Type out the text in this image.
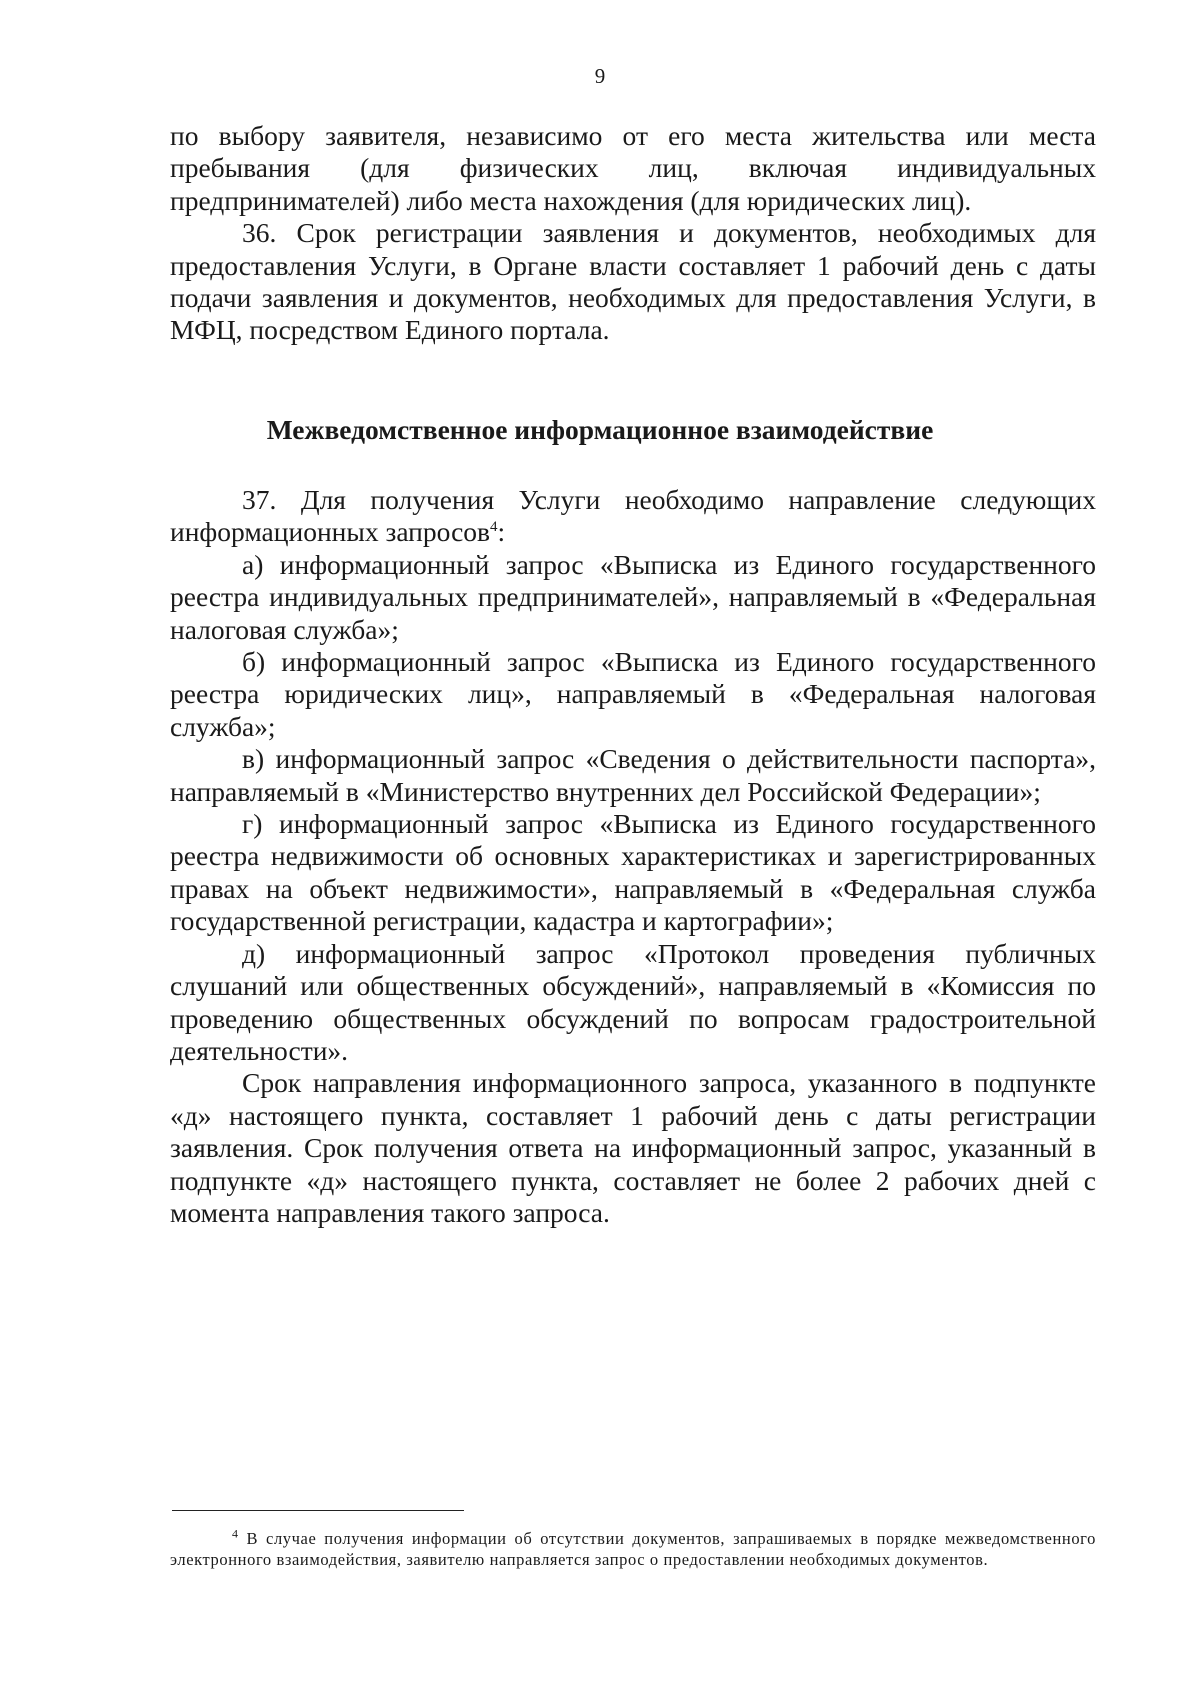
9

по выбору заявителя, независимо от его места жительства или места пребывания (для физических лиц, включая индивидуальных предпринимателей) либо места нахождения (для юридических лиц).

36. Срок регистрации заявления и документов, необходимых для предоставления Услуги, в Органе власти составляет 1 рабочий день с даты подачи заявления и документов, необходимых для предоставления Услуги, в МФЦ, посредством Единого портала.

Межведомственное информационное взаимодействие

37. Для получения Услуги необходимо направление следующих информационных запросов$^4$:

а) информационный запрос «Выписка из Единого государственного реестра индивидуальных предпринимателей», направляемый в «Федеральная налоговая служба»;

б) информационный запрос «Выписка из Единого государственного реестра юридических лиц», направляемый в «Федеральная налоговая служба»;

в) информационный запрос «Сведения о действительности паспорта», направляемый в «Министерство внутренних дел Российской Федерации»;

г) информационный запрос «Выписка из Единого государственного реестра недвижимости об основных характеристиках и зарегистрированных правах на объект недвижимости», направляемый в «Федеральная служба государственной регистрации, кадастра и картографии»;

д) информационный запрос «Протокол проведения публичных слушаний или общественных обсуждений», направляемый в «Комиссия по проведению общественных обсуждений по вопросам градостроительной деятельности».

Срок направления информационного запроса, указанного в подпункте «д» настоящего пункта, составляет 1 рабочий день с даты регистрации заявления. Срок получения ответа на информационный запрос, указанный в подпункте «д» настоящего пункта, составляет не более 2 рабочих дней с момента направления такого запроса.

$^4$ В случае получения информации об отсутствии документов, запрашиваемых в порядке межведомственного электронного взаимодействия, заявителю направляется запрос о предоставлении необходимых документов.
